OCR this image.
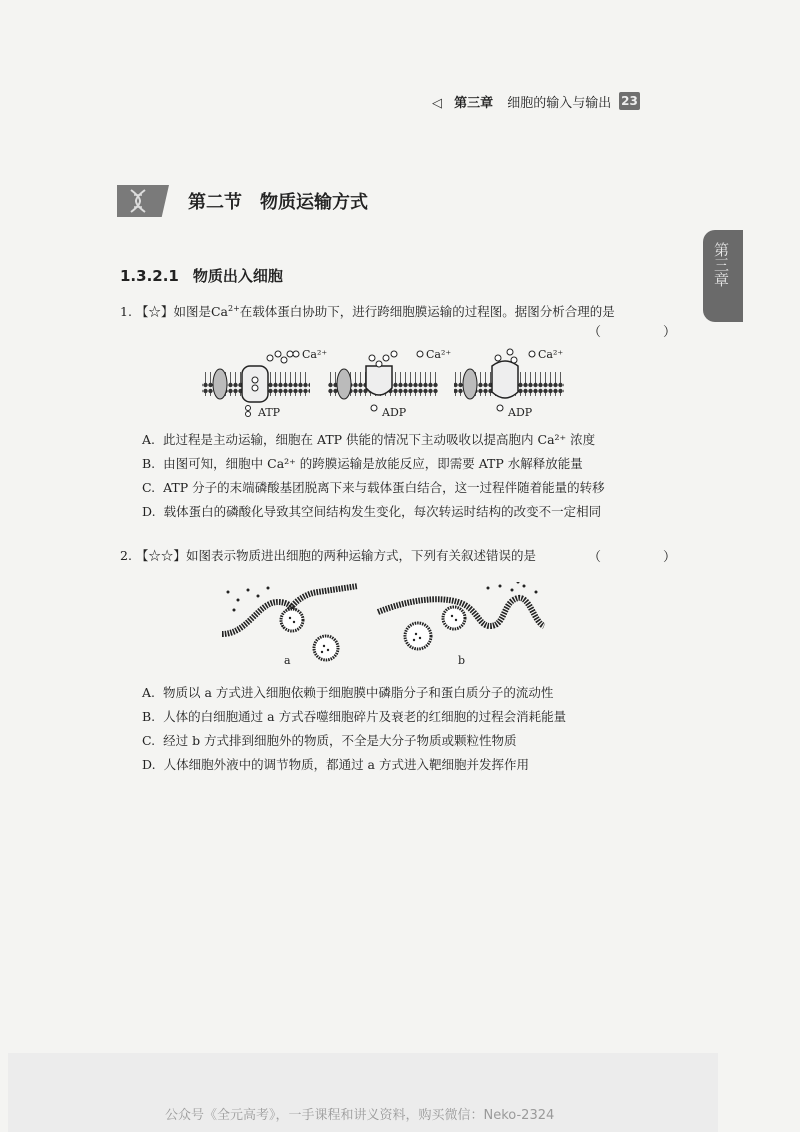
◁ 第三章 细胞的输入与输出 23
第二节 物质运输方式
第三章
1.3.2.1 物质出入细胞
1. 【☆】如图是$Ca^{2+}$在载体蛋白协助下，进行跨细胞膜运输的过程图。据图分析合理的是
（　　）
Ca²⁺
ATP
Ca²⁺
ADP
Ca²⁺
ADP
A. 此过程是主动运输，细胞在 ATP 供能的情况下主动吸收以提高胞内 Ca²⁺ 浓度
B. 由图可知，细胞中 Ca²⁺ 的跨膜运输是放能反应，即需要 ATP 水解释放能量
C. ATP 分子的末端磷酸基团脱离下来与载体蛋白结合，这一过程伴随着能量的转移
D. 载体蛋白的磷酸化导致其空间结构发生变化，每次转运时结构的改变不一定相同
2. 【☆☆】如图表示物质进出细胞的两种运输方式，下列有关叙述错误的是	（　　）
a	b
A. 物质以 a 方式进入细胞依赖于细胞膜中磷脂分子和蛋白质分子的流动性
B. 人体的白细胞通过 a 方式吞噬细胞碎片及衰老的红细胞的过程会消耗能量
C. 经过 b 方式排到细胞外的物质，不全是大分子物质或颗粒性物质
D. 人体细胞外液中的调节物质，都通过 a 方式进入靶细胞并发挥作用
公众号《全元高考》，一手课程和讲义资料，购买微信：Neko-2324
